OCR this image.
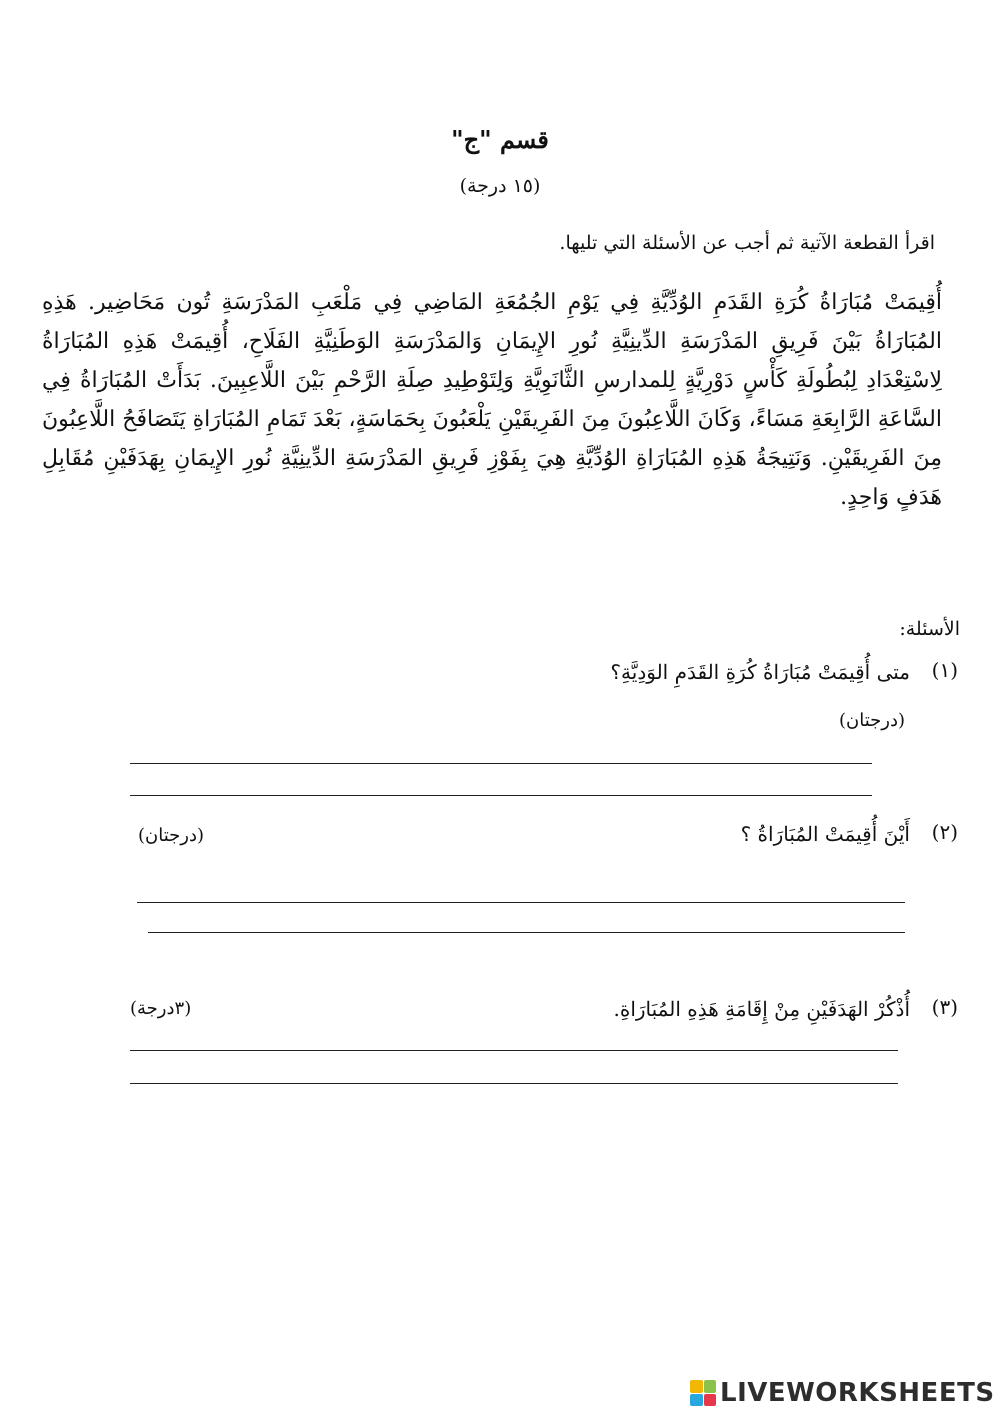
قسم "ج"
(١٥ درجة)
اقرأ القطعة الآتية ثم أجب عن الأسئلة التي تليها.
أُقِيمَتْ مُبَارَاةُ كُرَةِ القَدَمِ الوُدِّيَّةِ فِي يَوْمِ الجُمُعَةِ المَاضِي فِي مَلْعَبِ المَدْرَسَةِ تُون مَحَاضِير. هَذِهِ المُبَارَاةُ بَيْنَ فَرِيقِ المَدْرَسَةِ الدِّينِيَّةِ نُورِ الإِيمَانِ وَالمَدْرَسَةِ الوَطَنِيَّةِ الفَلَاحِ، أُقِيمَتْ هَذِهِ المُبَارَاةُ لِاسْتِعْدَادِ لِبُطُولَةِ كَأْسٍ دَوْرِيَّةٍ لِلمدارسِ الثَّانَوِيَّةِ وَلِتَوْطِيدِ صِلَةِ الرَّحْمِ بَيْنَ اللَّاعِبِينَ. بَدَأَتْ المُبَارَاةُ فِي السَّاعَةِ الرَّابِعَةِ مَسَاءً، وَكَانَ اللَّاعِبُونَ مِنَ الفَرِيقَيْنِ يَلْعَبُونَ بِحَمَاسَةٍ، بَعْدَ تَمَامِ المُبَارَاةِ يَتَصَافَحُ اللَّاعِبُونَ مِنَ الفَرِيقَيْنِ. وَنَتِيجَةُ هَذِهِ المُبَارَاةِ الوُدِّيَّةِ هِيَ بِفَوْزِ فَرِيقِ المَدْرَسَةِ الدِّينِيَّةِ نُورِ الإِيمَانِ بِهَدَفَيْنِ مُقَابِلِ هَدَفٍ وَاحِدٍ.
الأسئلة:
(١)
متى أُقِيمَتْ مُبَارَاةُ كُرَةِ القَدَمِ الوَدِيَّةِ؟
(درجتان)
(٢)
أَيْنَ أُقِيمَتْ المُبَارَاةُ ؟
(درجتان)
(٣)
أُذْكُرْ الهَدَفَيْنِ مِنْ إِقَامَةِ هَذِهِ المُبَارَاةِ.
(٣درجة)
LIVEWORKSHEETS
